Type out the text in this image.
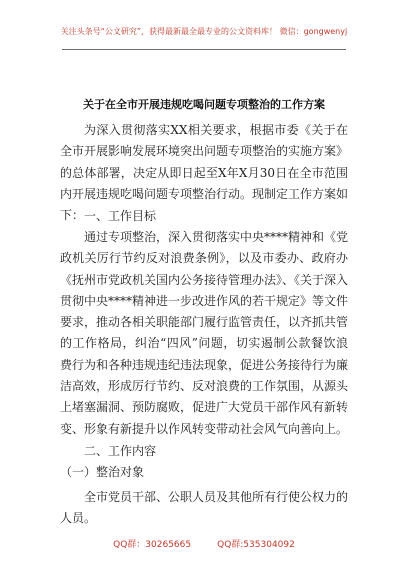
关注头条号“公文研究”，获得最新最全最专业的公文资料库！ 微信：gongwenyj
关于在全市开展违规吃喝问题专项整治的工作方案

为深入贯彻落实XX相关要求，根据市委《关于在全市开展影响发展环境突出问题专项整治的实施方案》的总体部署，决定从即日起至X年X月30日在全市范围内开展违规吃喝问题专项整治行动。现制定工作方案如下： 一、工作目标

通过专项整治，深入贯彻落实中央****精神和《党政机关厉行节约反对浪费条例》，以及市委办、政府办《抚州市党政机关国内公务接待管理办法》、《关于深入贯彻中央****精神进一步改进作风的若干规定》等文件要求，推动各相关职能部门履行监管责任，以齐抓共管的工作格局，纠治“四风”问题，切实遏制公款餐饮浪费行为和各种违规违纪违法现象，促进公务接待行为廉洁高效，形成厉行节约、反对浪费的工作氛围，从源头上堵塞漏洞、预防腐败，促进广大党员干部作风有新转变、形象有新提升以作风转变带动社会风气向善向上。

二、工作内容

（一）整治对象

全市党员干部、公职人员及其他所有行使公权力的人员。

QQ群：30265665	QQ群:535304092
